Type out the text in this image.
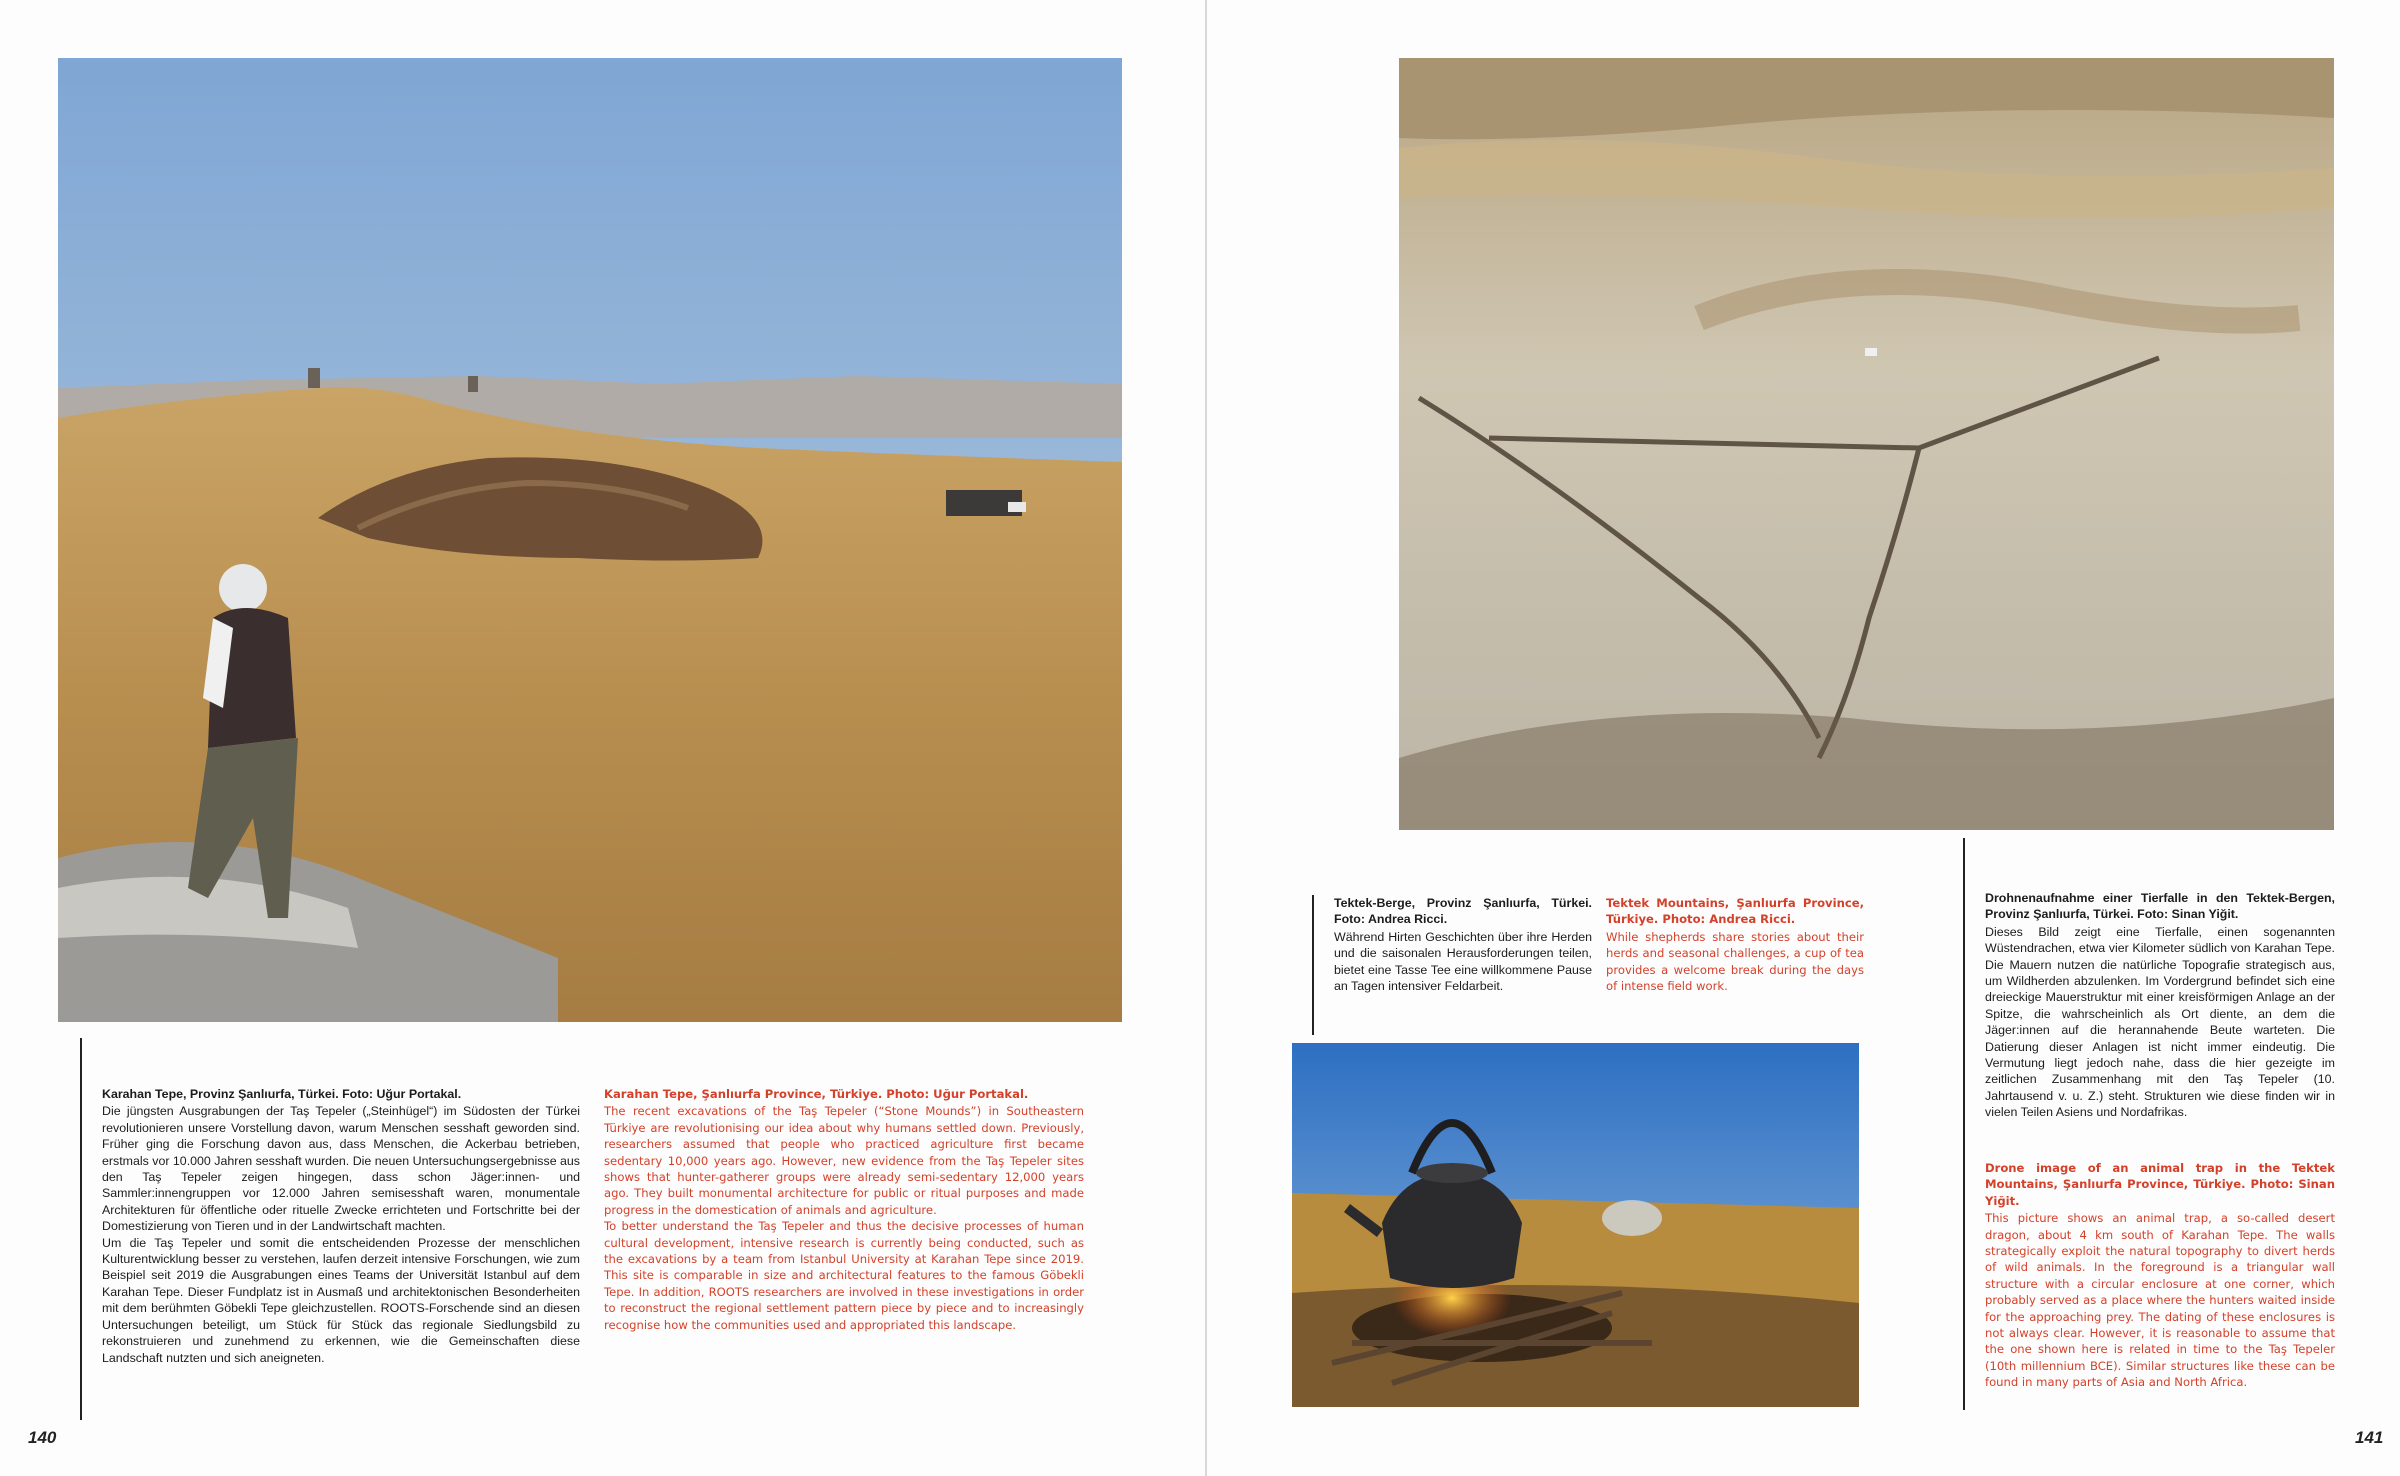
Karahan Tepe, Provinz Şanlıurfa, Türkei. Foto: Uğur Portakal.

Die jüngsten Ausgrabungen der Taş Tepeler („Steinhügel“) im Südosten der Türkei revolutionieren unsere Vorstellung davon, warum Menschen sesshaft geworden sind. Früher ging die Forschung davon aus, dass Menschen, die Ackerbau betrieben, erstmals vor 10.000 Jahren sesshaft wurden. Die neuen Untersuchungsergebnisse aus den Taş Tepeler zeigen hingegen, dass schon Jäger:innen- und Sammler:innengruppen vor 12.000 Jahren semisesshaft waren, monumentale Architekturen für öffentliche oder rituelle Zwecke errichteten und Fortschritte bei der Domestizierung von Tieren und in der Landwirtschaft machten.

Um die Taş Tepeler und somit die entscheidenden Prozesse der menschlichen Kulturentwicklung besser zu verstehen, laufen derzeit intensive Forschungen, wie zum Beispiel seit 2019 die Ausgrabungen eines Teams der Universität Istanbul auf dem Karahan Tepe. Dieser Fundplatz ist in Ausmaß und architektonischen Besonderheiten mit dem berühmten Göbekli Tepe gleichzustellen. ROOTS-Forschende sind an diesen Untersuchungen beteiligt, um Stück für Stück das regionale Siedlungsbild zu rekonstruieren und zunehmend zu erkennen, wie die Gemeinschaften diese Landschaft nutzten und sich aneigneten.

Karahan Tepe, Şanlıurfa Province, Türkiye. Photo: Uğur Portakal.

The recent excavations of the Taş Tepeler (“Stone Mounds”) in Southeastern Türkiye are revolutionising our idea about why humans settled down. Previously, researchers assumed that people who practiced agriculture first became sedentary 10,000 years ago. However, new evidence from the Taş Tepeler sites shows that hunter-gatherer groups were already semi-sedentary 12,000 years ago. They built monumental architecture for public or ritual purposes and made progress in the domestication of animals and agriculture.

To better understand the Taş Tepeler and thus the decisive processes of human cultural development, intensive research is currently being conducted, such as the excavations by a team from Istanbul University at Karahan Tepe since 2019. This site is comparable in size and architectural features to the famous Göbekli Tepe. In addition, ROOTS researchers are involved in these investigations in order to reconstruct the regional settlement pattern piece by piece and to increasingly recognise how the communities used and appropriated this landscape.

140
Tektek-Berge, Provinz Şanlıurfa, Türkei. Foto: Andrea Ricci.

Während Hirten Geschichten über ihre Herden und die saisonalen Herausforderungen teilen, bietet eine Tasse Tee eine willkommene Pause an Tagen intensiver Feldarbeit.

Tektek Mountains, Şanlıurfa Province, Türkiye. Photo: Andrea Ricci.

While shepherds share stories about their herds and seasonal challenges, a cup of tea provides a welcome break during the days of intense field work.

Drohnenaufnahme einer Tierfalle in den Tektek-Bergen, Provinz Şanlıurfa, Türkei. Foto: Sinan Yiğit.

Dieses Bild zeigt eine Tierfalle, einen sogenannten Wüstendrachen, etwa vier Kilometer südlich von Karahan Tepe. Die Mauern nutzen die natürliche Topografie strategisch aus, um Wildherden abzulenken. Im Vordergrund befindet sich eine dreieckige Mauerstruktur mit einer kreisförmigen Anlage an der Spitze, die wahrscheinlich als Ort diente, an dem die Jäger:innen auf die herannahende Beute warteten. Die Datierung dieser Anlagen ist nicht immer eindeutig. Die Vermutung liegt jedoch nahe, dass die hier gezeigte im zeitlichen Zusammenhang mit den Taş Tepeler (10. Jahrtausend v. u. Z.) steht. Strukturen wie diese finden wir in vielen Teilen Asiens und Nordafrikas.

Drone image of an animal trap in the Tektek Mountains, Şanlıurfa Province, Türkiye. Photo: Sinan Yiğit.

This picture shows an animal trap, a so-called desert dragon, about 4 km south of Karahan Tepe. The walls strategically exploit the natural topography to divert herds of wild animals. In the foreground is a triangular wall structure with a circular enclosure at one corner, which probably served as a place where the hunters waited inside for the approaching prey. The dating of these enclosures is not always clear. However, it is reasonable to assume that the one shown here is related in time to the Taş Tepeler (10th millennium BCE). Similar structures like these can be found in many parts of Asia and North Africa.

141
